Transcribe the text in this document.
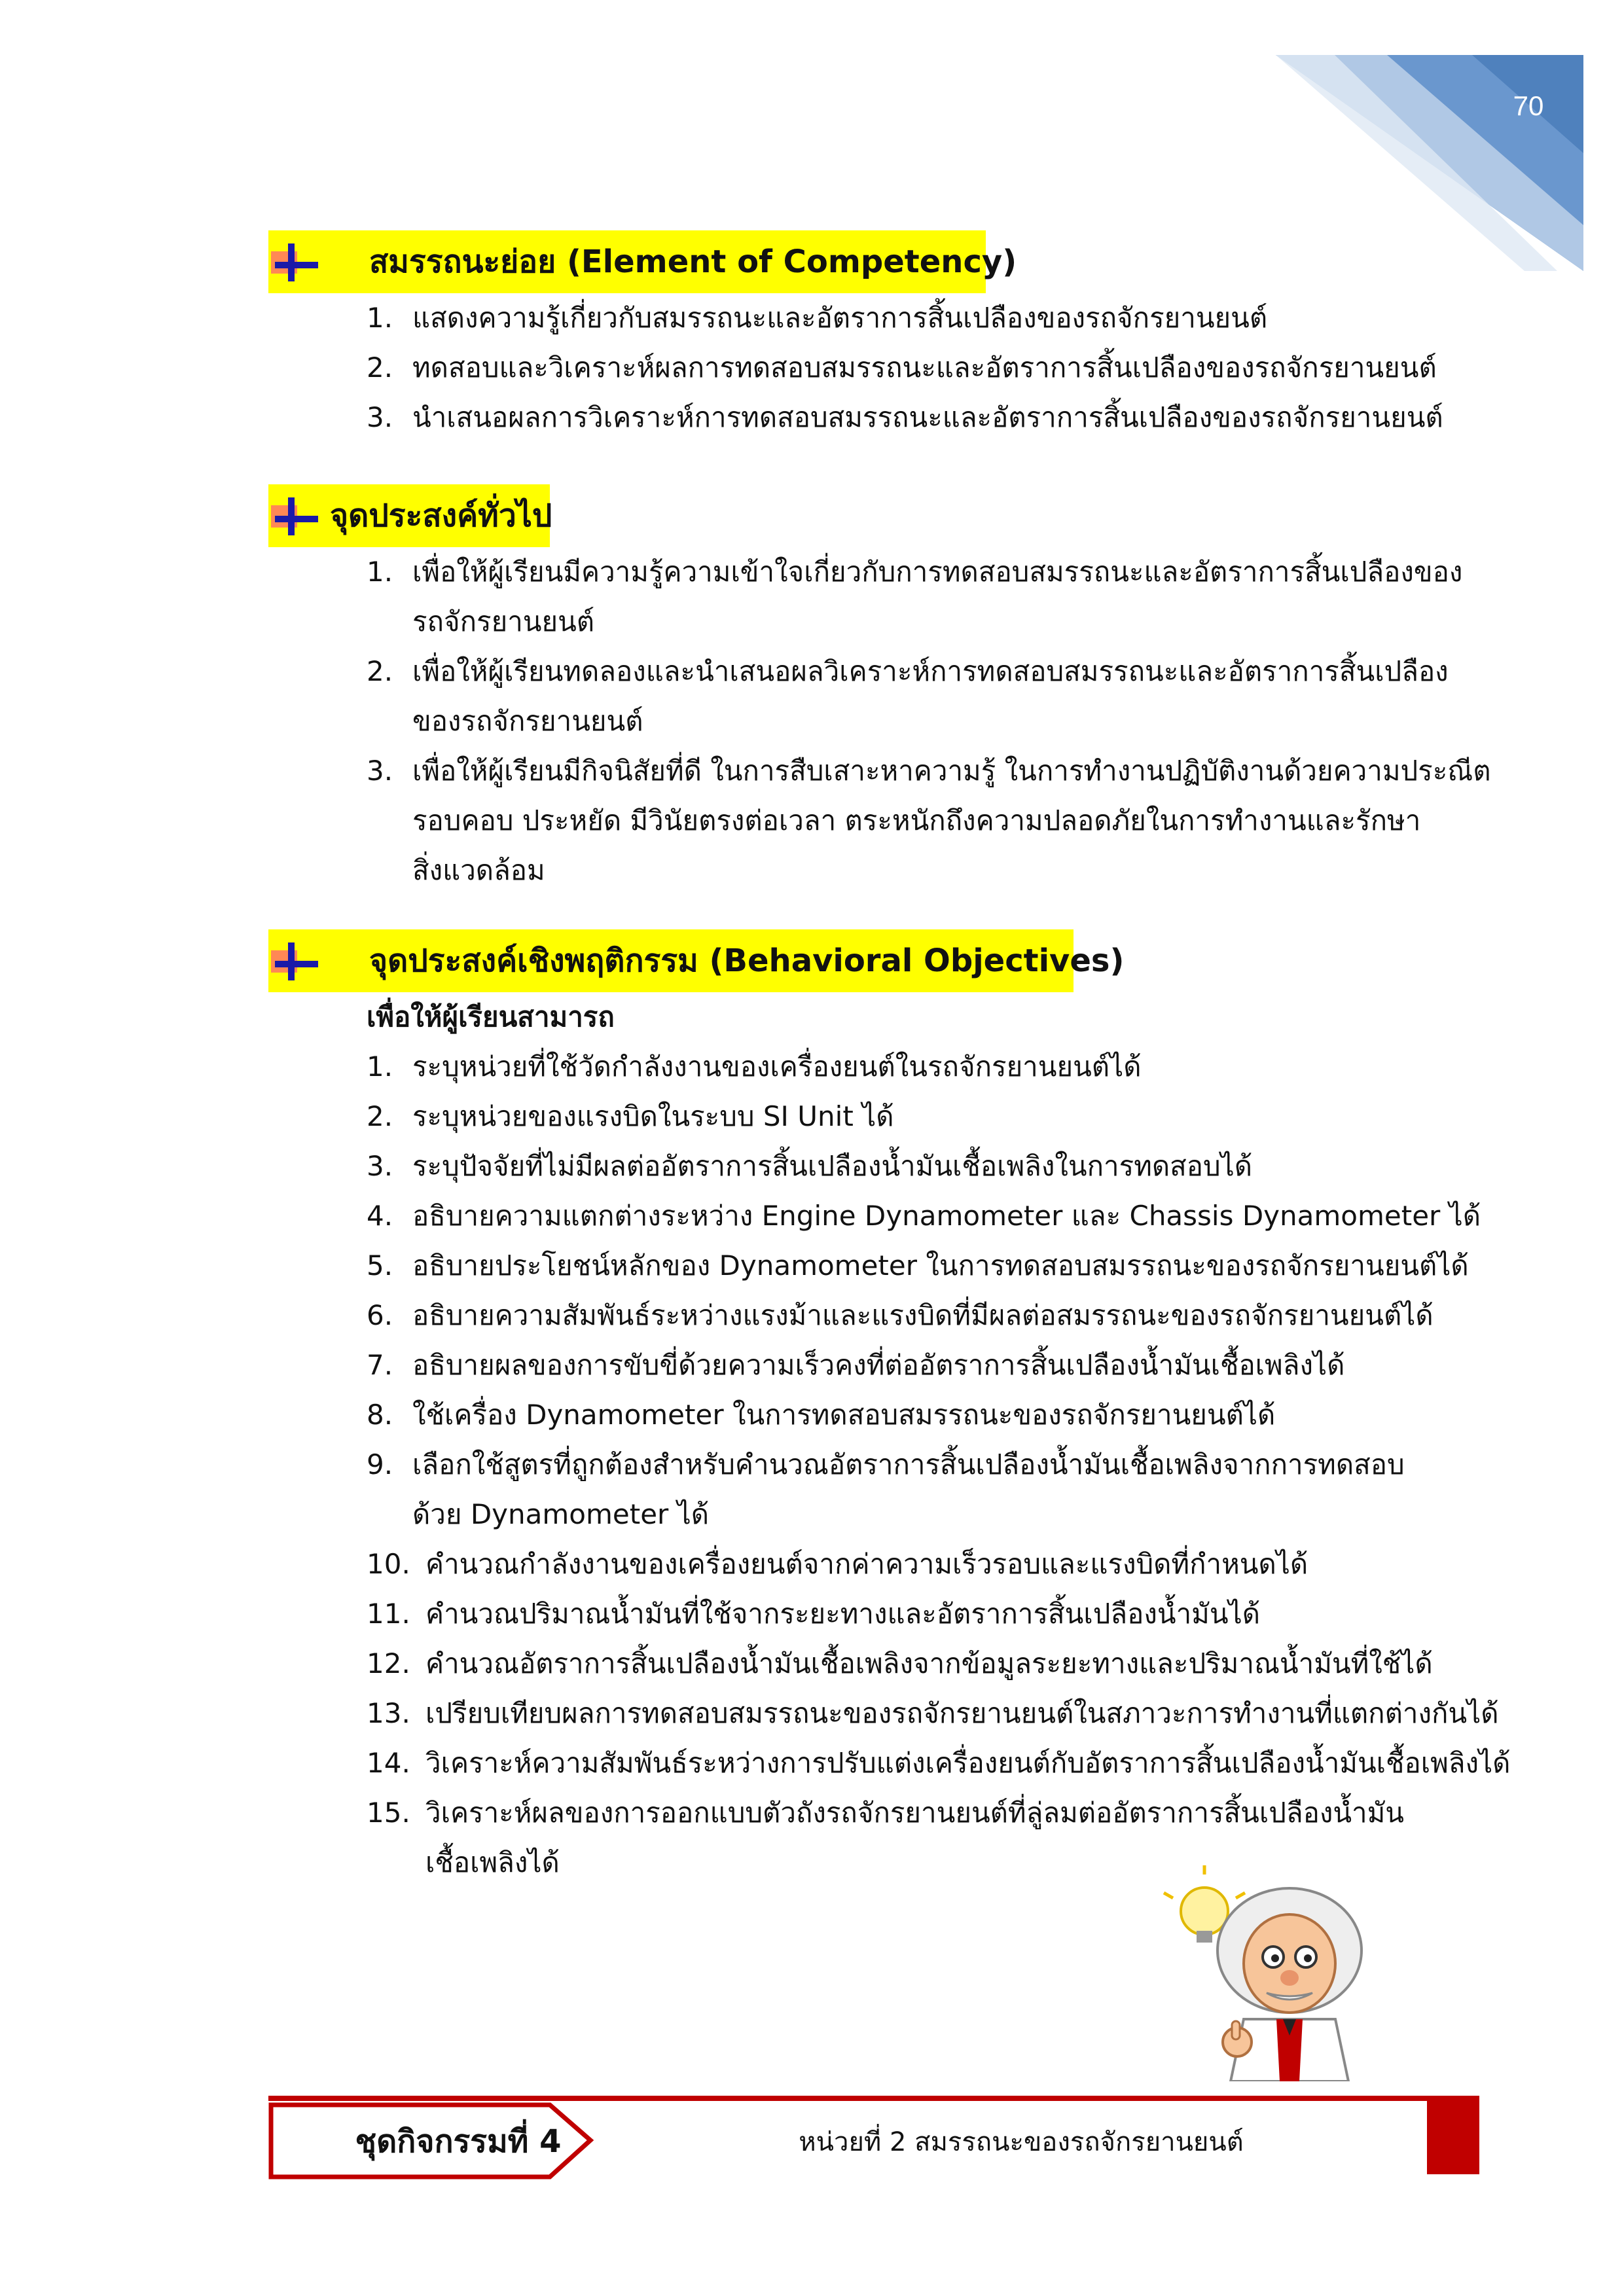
70
สมรรถนะย่อย (Element of Competency)
1. แสดงความรู้เกี่ยวกับสมรรถนะและอัตราการสิ้นเปลืองของรถจักรยานยนต์
2. ทดสอบและวิเคราะห์ผลการทดสอบสมรรถนะและอัตราการสิ้นเปลืองของรถจักรยานยนต์
3. นำเสนอผลการวิเคราะห์การทดสอบสมรรถนะและอัตราการสิ้นเปลืองของรถจักรยานยนต์
จุดประสงค์ทั่วไป
1. เพื่อให้ผู้เรียนมีความรู้ความเข้าใจเกี่ยวกับการทดสอบสมรรถนะและอัตราการสิ้นเปลืองของ
รถจักรยานยนต์
2. เพื่อให้ผู้เรียนทดลองและนำเสนอผลวิเคราะห์การทดสอบสมรรถนะและอัตราการสิ้นเปลือง
ของรถจักรยานยนต์
3. เพื่อให้ผู้เรียนมีกิจนิสัยที่ดี ในการสืบเสาะหาความรู้ ในการทำงานปฏิบัติงานด้วยความประณีต
รอบคอบ ประหยัด มีวินัยตรงต่อเวลา ตระหนักถึงความปลอดภัยในการทำงานและรักษา
สิ่งแวดล้อม
จุดประสงค์เชิงพฤติกรรม (Behavioral Objectives)

เพื่อให้ผู้เรียนสามารถ

1. ระบุหน่วยที่ใช้วัดกำลังงานของเครื่องยนต์ในรถจักรยานยนต์ได้
2. ระบุหน่วยของแรงบิดในระบบ SI Unit ได้
3. ระบุปัจจัยที่ไม่มีผลต่ออัตราการสิ้นเปลืองน้ำมันเชื้อเพลิงในการทดสอบได้
4. อธิบายความแตกต่างระหว่าง Engine Dynamometer และ Chassis Dynamometer ได้
5. อธิบายประโยชน์หลักของ Dynamometer ในการทดสอบสมรรถนะของรถจักรยานยนต์ได้
6. อธิบายความสัมพันธ์ระหว่างแรงม้าและแรงบิดที่มีผลต่อสมรรถนะของรถจักรยานยนต์ได้
7. อธิบายผลของการขับขี่ด้วยความเร็วคงที่ต่ออัตราการสิ้นเปลืองน้ำมันเชื้อเพลิงได้
8. ใช้เครื่อง Dynamometer ในการทดสอบสมรรถนะของรถจักรยานยนต์ได้
9. เลือกใช้สูตรที่ถูกต้องสำหรับคำนวณอัตราการสิ้นเปลืองน้ำมันเชื้อเพลิงจากการทดสอบ
ด้วย Dynamometer ได้
10. คำนวณกำลังงานของเครื่องยนต์จากค่าความเร็วรอบและแรงบิดที่กำหนดได้
11. คำนวณปริมาณน้ำมันที่ใช้จากระยะทางและอัตราการสิ้นเปลืองน้ำมันได้
12. คำนวณอัตราการสิ้นเปลืองน้ำมันเชื้อเพลิงจากข้อมูลระยะทางและปริมาณน้ำมันที่ใช้ได้
13. เปรียบเทียบผลการทดสอบสมรรถนะของรถจักรยานยนต์ในสภาวะการทำงานที่แตกต่างกันได้
14. วิเคราะห์ความสัมพันธ์ระหว่างการปรับแต่งเครื่องยนต์กับอัตราการสิ้นเปลืองน้ำมันเชื้อเพลิงได้
15. วิเคราะห์ผลของการออกแบบตัวถังรถจักรยานยนต์ที่ลู่ลมต่ออัตราการสิ้นเปลืองน้ำมัน
เชื้อเพลิงได้
ชุดกิจกรรมที่ 4	หน่วยที่ 2 สมรรถนะของรถจักรยานยนต์
